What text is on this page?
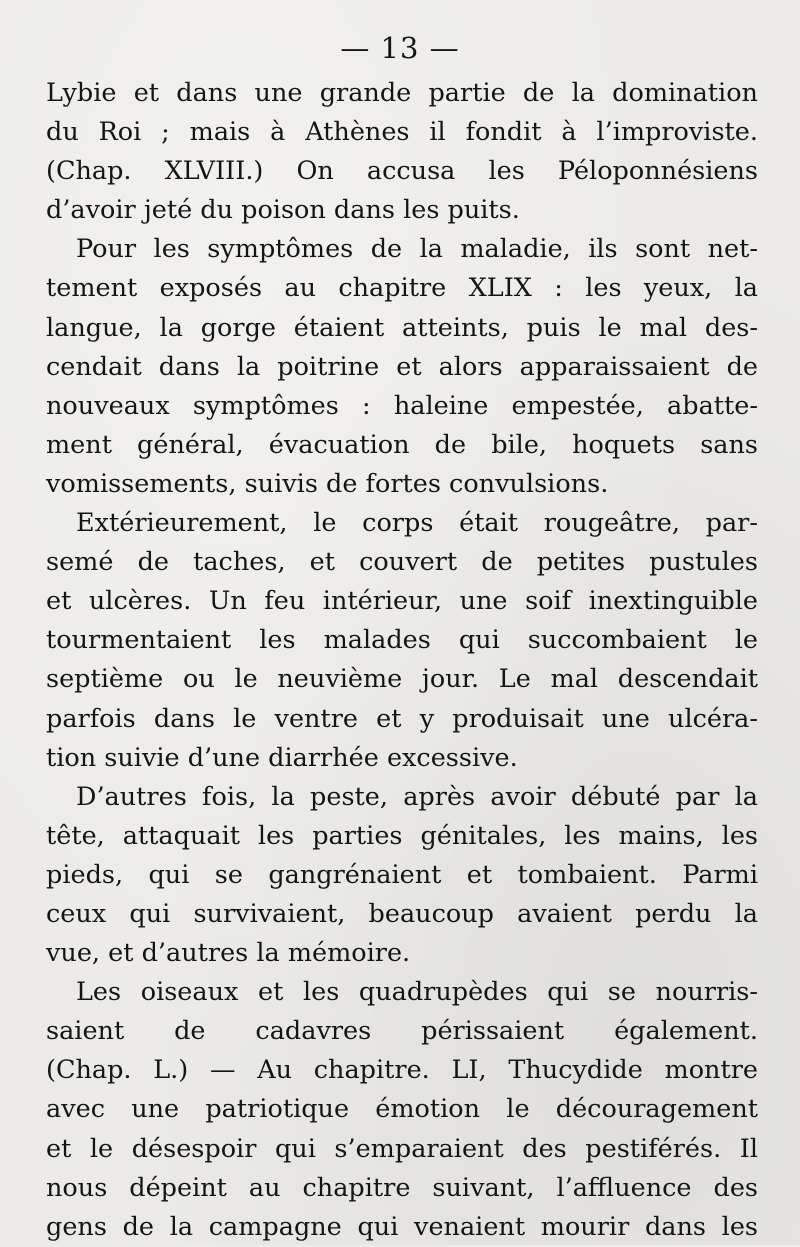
— 13 —
Lybie et dans une grande partie de la domination
du Roi ; mais à Athènes il fondit à l’improviste.
(Chap. XLVIII.) On accusa les Péloponnésiens
d’avoir jeté du poison dans les puits.
Pour les symptômes de la maladie, ils sont net-
tement exposés au chapitre XLIX : les yeux, la
langue, la gorge étaient atteints, puis le mal des-
cendait dans la poitrine et alors apparaissaient de
nouveaux symptômes : haleine empestée, abatte-
ment général, évacuation de bile, hoquets sans
vomissements, suivis de fortes convulsions.
Extérieurement, le corps était rougeâtre, par-
semé de taches, et couvert de petites pustules
et ulcères. Un feu intérieur, une soif inextinguible
tourmentaient les malades qui succombaient le
septième ou le neuvième jour. Le mal descendait
parfois dans le ventre et y produisait une ulcéra-
tion suivie d’une diarrhée excessive.
D’autres fois, la peste, après avoir débuté par la
tête, attaquait les parties génitales, les mains, les
pieds, qui se gangrénaient et tombaient. Parmi
ceux qui survivaient, beaucoup avaient perdu la
vue, et d’autres la mémoire.
Les oiseaux et les quadrupèdes qui se nourris-
saient de cadavres périssaient également.
(Chap. L.) — Au chapitre. LI, Thucydide montre
avec une patriotique émotion le découragement
et le désespoir qui s’emparaient des pestiférés. Il
nous dépeint au chapitre suivant, l’affluence des
gens de la campagne qui venaient mourir dans les
